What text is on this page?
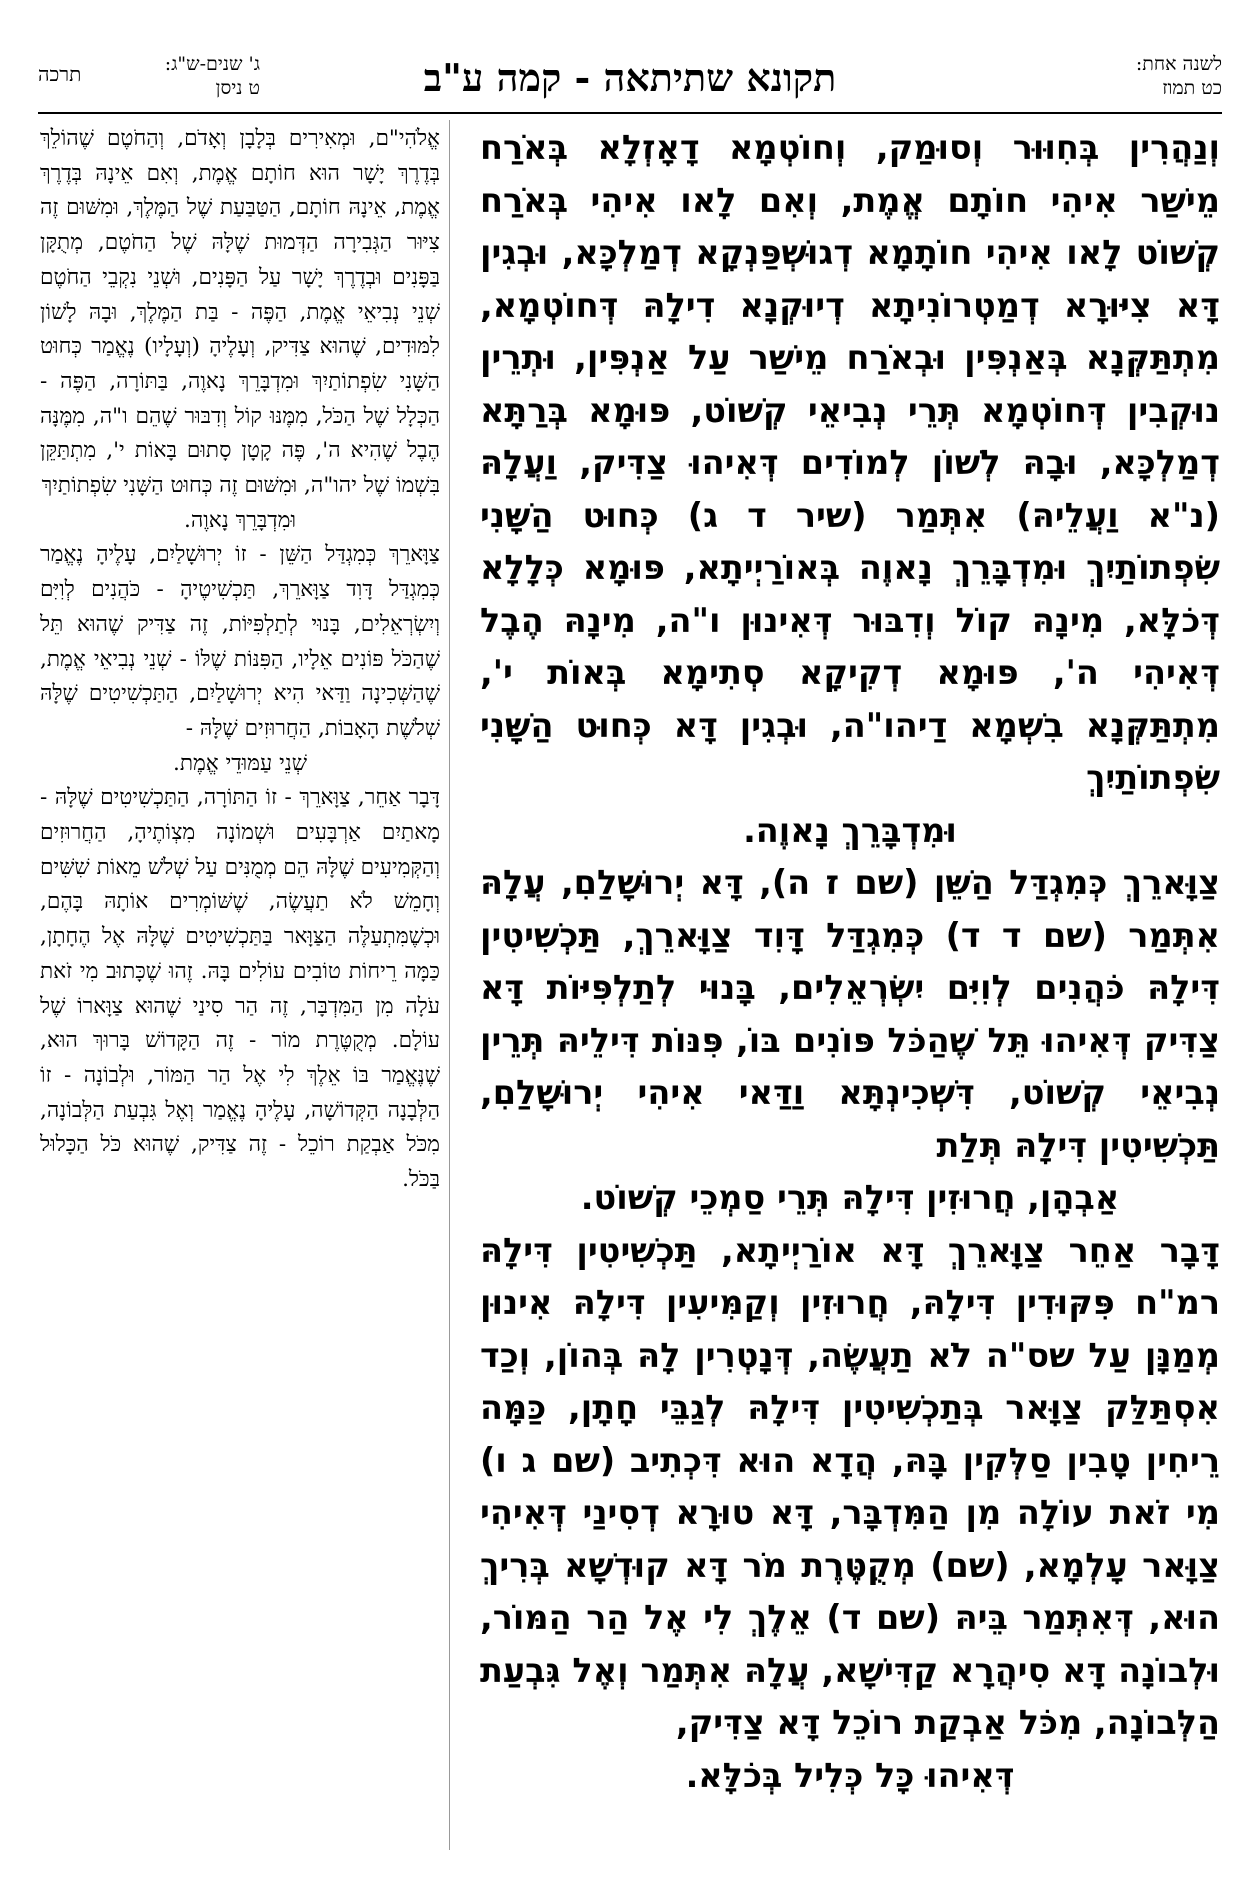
לשנה אחת:
כט תמוז
תקונא שתיתאה - קמה ע"ב
תרכה	ג' שנים-ש"ג:
ט ניסן

וְנַהֲרִין בְּחִוּוּר וְסוּמַק, וְחוֹטְמָא דָאָזְלָא בְּאֹרַח מֵישַׁר אִיהִי חוֹתָם אֱמֶת, וְאִם לָאו אִיהִי בְּאֹרַח קְשׁוֹט לָאו אִיהִי חוֹתָמָא דְגוּשְׁפַּנְקָא דְמַלְכָּא, וּבְגִין דָּא צִיּוּרָא דְמַטְרוֹנִיתָא דְיוּקְנָא דִילָהּ דְּחוֹטְמָא, מִתְתַּקְּנָא בְּאַנְפִּין וּבְאֹרַח מֵישַׁר עַל אַנְפִּין, וּתְרֵין נוּקְבִין דְּחוֹטְמָא תְּרֵי נְבִיאֵי קְשׁוֹט, פּוּמָא בְּרַתָּא דְמַלְכָּא, וּבָהּ לְשׁוֹן לְמוֹדִים דְּאִיהוּ צַדִּיק, וַעֲלָהּ (נ"א וַעֲלֵיהּ) אִתְּמַר (שיר ד ג) כְּחוּט הַשָּׁנִי שִׂפְתוֹתַיִךְ וּמִדְבָּרֵךְ נָאוֶה בְּאוֹרַיְיתָא, פּוּמָא כְּלָלָא דְּכֹלָּא, מִינָהּ קוֹל וְדִבּוּר דְּאִינוּן ו"ה, מִינָהּ הֶבֶל דְּאִיהִי ה', פּוּמָא דְקִיקָא סְתִימָא בְּאוֹת י', מִתְתַּקְּנָא בִשְׁמָא דַיהו"ה, וּבְגִין דָּא כְּחוּט הַשָּׁנִי שִׂפְתוֹתַיִךְ

וּמִדְבָּרֵךְ נָאוֶה.

צַוָּארֵךְ כְּמִגְדַּל הַשֵּׁן (שם ז ה), דָּא יְרוּשָׁלַםִ, עֲלָהּ אִתְּמַר (שם ד ד) כְּמִגְדַּל דָּוִד צַוָּארֵךְ, תַּכְשִׁיטִין דִּילָהּ כֹּהֲנִים לְוִיִּם יִשְׂרְאֵלִים, בָּנוּי לְתַלְפִּיּוֹת דָּא צַדִּיק דְּאִיהוּ תֵּל שֶׁהַכֹּל פּוֹנִים בּוֹ, פִּנּוֹת דִּילֵיהּ תְּרֵין נְבִיאֵי קְשׁוֹט, דִּשְׁכִינְתָּא וַדַּאי אִיהִי יְרוּשָׁלַםִ, תַּכְשִׁיטִין דִּילָהּ תְּלַת

אַבְהָן, חֲרוּזִין דִּילָהּ תְּרֵי סַמְכֵי קְשׁוֹט.

דָּבָר אַחֵר צַוָּארֵךְ דָּא אוֹרַיְיתָא, תַּכְשִׁיטִין דִּילָהּ רמ"ח פִּקּוּדִין דִּילָהּ, חֲרוּזִין וְקַמִּיעִין דִּילָהּ אִינוּן מְמַנָּן עַל שס"ה לֹא תַעֲשֶׂה, דְּנָטְרִין לָהּ בְּהוֹן, וְכַד אִסְתַּלַּק צַוָּאר בְּתַכְשִׁיטִין דִּילָהּ לְגַבֵּי חָתָן, כַּמָּה רֵיחִין טָבִין סַלְּקִין בָּהּ, הֲדָא הוּא דִּכְתִיב (שם ג ו) מִי זֹאת עוֹלָה מִן הַמִּדְבָּר, דָּא טוּרָא דְסִינַי דְּאִיהִי צַוָּאר עָלְמָא, (שם) מְקֻטֶּרֶת מֹר דָּא קוּדְשָׁא בְּרִיךְ הוּא, דְּאִתְּמַר בֵּיהּ (שם ד) אֵלֶךְ לִי אֶל הַר הַמּוֹר, וּלְבוֹנָה דָּא סִיהֲרָא קַדִּישָׁא, עֲלָהּ אִתְּמַר וְאֶל גִּבְעַת הַלְּבוֹנָה, מִכֹּל אַבְקַת רוֹכֵל דָּא צַדִּיק,

דְּאִיהוּ כָּל כְּלִיל בְּכֹלָּא.

אֱלֹהִי"ם, וּמְאִירִים בְּלָבָן וְאָדֹם, וְהַחֹטֶם שֶׁהוֹלֵךְ בְּדֶרֶךְ יָשָׁר הוּא חוֹתָם אֱמֶת, וְאִם אֵינָהּ בְּדֶרֶךְ אֱמֶת, אֵינָהּ חוֹתָם, הַטַּבַּעַת שֶׁל הַמֶּלֶךְ, וּמִשּׁוּם זֶה צִיּוּר הַגְּבִירָה הַדְּמוּת שֶׁלָּהּ שֶׁל הַחֹטֶם, מְתֻקָּן בַּפָּנִים וּבְדֶרֶךְ יָשָׁר עַל הַפָּנִים, וּשְׁנֵי נִקְבֵי הַחֹטֶם שְׁנֵי נְבִיאֵי אֱמֶת, הַפֶּה - בַּת הַמֶּלֶךְ, וּבָהּ לָשׁוֹן לִמּוּדִים, שֶׁהוּא צַדִּיק, וְעָלֶיהָ (וְעָלָיו) נֶאֱמַר כְּחוּט הַשָּׁנִי שִׂפְתוֹתַיִךְ וּמִדְבָּרֵךְ נָאוֶה, בַּתּוֹרָה, הַפֶּה - הַכְּלָל שֶׁל הַכֹּל, מִמֶּנּוּ קוֹל וְדִבּוּר שֶׁהֵם ו"ה, מִמֶּנָּה הֶבֶל שֶׁהִיא ה', פֶּה קָטָן סָתוּם בָּאוֹת י', מִתְתַּקֵּן בִּשְׁמוֹ שֶׁל יהו"ה, וּמִשּׁוּם זֶה כְּחוּט הַשָּׁנִי שִׂפְתוֹתַיִךְ

וּמִדְבָּרֵךְ נָאוֶה.

צַוָּארֵךְ כְּמִגְדַּל הַשֵּׁן - זוֹ יְרוּשָׁלַיִם, עָלֶיהָ נֶאֱמַר כְּמִגְדַּל דָּוִד צַוָּארֵךְ, תַּכְשִׁיטֶיהָ - כֹּהֲנִים לְוִיִּם וְיִשְׂרְאֵלִים, בָּנוּי לְתַלְפִּיּוֹת, זֶה צַדִּיק שֶׁהוּא תֵּל שֶׁהַכֹּל פּוֹנִים אֵלָיו, הַפִּנּוֹת שֶׁלּוֹ - שְׁנֵי נְבִיאֵי אֱמֶת, שֶׁהַשְּׁכִינָה וַדַּאי הִיא יְרוּשָׁלַיִם, הַתַּכְשִׁיטִים שֶׁלָּהּ שְׁלֹשֶׁת הָאָבוֹת, הַחֲרוּזִים שֶׁלָּהּ -

שְׁנֵי עַמּוּדֵי אֱמֶת.

דָּבָר אַחֵר, צַוָּארֵךְ - זוֹ הַתּוֹרָה, הַתַּכְשִׁיטִים שֶׁלָּהּ - מָאתַיִם אַרְבָּעִים וּשְׁמוֹנָה מִצְוֹתֶיהָ, הַחֲרוּזִים וְהַקְּמִיעִים שֶׁלָּהּ הֵם מְמֻנִּים עַל שְׁלֹשׁ מֵאוֹת שִׁשִּׁים וְחָמֵשׁ לֹא תַעֲשֶׂה, שֶׁשּׁוֹמְרִים אוֹתָהּ בָּהֶם, וּכְשֶׁמִּתְעַלֶּה הַצַּוָּאר בַּתַּכְשִׁיטִים שֶׁלָּהּ אֶל הֶחָתָן, כַּמָּה רֵיחוֹת טוֹבִים עוֹלִים בָּהּ. זֶהוּ שֶׁכָּתוּב מִי זֹאת עֹלָה מִן הַמִּדְבָּר, זֶה הַר סִינַי שֶׁהוּא צַוָּארוֹ שֶׁל עוֹלָם. מְקֻטֶּרֶת מוֹר - זֶה הַקָּדוֹשׁ בָּרוּךְ הוּא, שֶׁנֶּאֱמַר בּוֹ אֵלֶךְ לִי אֶל הַר הַמּוֹר, וּלְבוֹנָה - זוֹ הַלְּבָנָה הַקְּדוֹשָׁה, עָלֶיהָ נֶאֱמַר וְאֶל גִּבְעַת הַלְּבוֹנָה, מִכֹּל אַבְקַת רוֹכֵל - זֶה צַדִּיק, שֶׁהוּא כֹּל הַכָּלוּל בַּכֹּל.
